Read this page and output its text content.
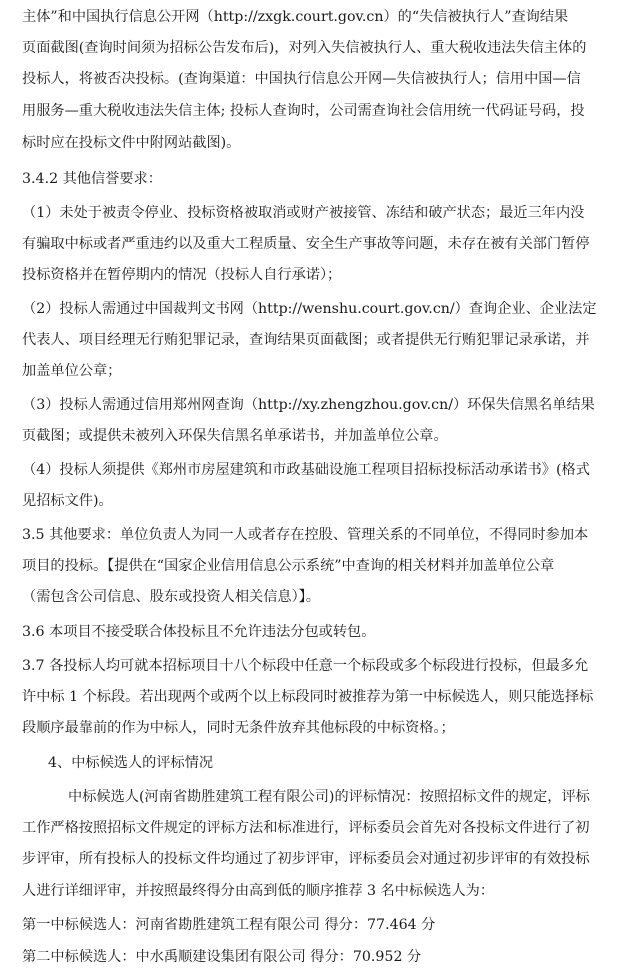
主体”和中国执行信息公开网（http://zxgk.court.gov.cn）的“失信被执行人”查询结果
页面截图(查询时间须为招标公告发布后)，对列入失信被执行人、重大税收违法失信主体的
投标人，将被否决投标。(查询渠道：中国执行信息公开网—失信被执行人；信用中国—信
用服务—重大税收违法失信主体; 投标人查询时，公司需查询社会信用统一代码证号码，投
标时应在投标文件中附网站截图)。
3.4.2 其他信誉要求：
（1）未处于被责令停业、投标资格被取消或财产被接管、冻结和破产状态；最近三年内没
有骗取中标或者严重违约以及重大工程质量、安全生产事故等问题，未存在被有关部门暂停
投标资格并在暂停期内的情况（投标人自行承诺）；
（2）投标人需通过中国裁判文书网（http://wenshu.court.gov.cn/）查询企业、企业法定
代表人、项目经理无行贿犯罪记录，查询结果页面截图；或者提供无行贿犯罪记录承诺，并
加盖单位公章；
（3）投标人需通过信用郑州网查询（http://xy.zhengzhou.gov.cn/）环保失信黑名单结果
页截图；或提供未被列入环保失信黑名单承诺书，并加盖单位公章。
（4）投标人须提供《郑州市房屋建筑和市政基础设施工程项目招标投标活动承诺书》(格式
见招标文件)。
3.5 其他要求：单位负责人为同一人或者存在控股、管理关系的不同单位，不得同时参加本
项目的投标。【提供在“国家企业信用信息公示系统”中查询的相关材料并加盖单位公章
（需包含公司信息、股东或投资人相关信息）】。
3.6 本项目不接受联合体投标且不允许违法分包或转包。
3.7 各投标人均可就本招标项目十八个标段中任意一个标段或多个标段进行投标，但最多允
许中标 1 个标段。若出现两个或两个以上标段同时被推荐为第一中标候选人，则只能选择标
段顺序最靠前的作为中标人，同时无条件放弃其他标段的中标资格。；
4、中标候选人的评标情况
中标候选人(河南省勘胜建筑工程有限公司)的评标情况：按照招标文件的规定，评标
工作严格按照招标文件规定的评标方法和标准进行，评标委员会首先对各投标文件进行了初
步评审，所有投标人的投标文件均通过了初步评审，评标委员会对通过初步评审的有效投标
人进行详细评审，并按照最终得分由高到低的顺序推荐 3 名中标候选人为：
第一中标候选人：河南省勘胜建筑工程有限公司 得分：77.464 分
第二中标候选人：中水禹顺建设集团有限公司 得分：70.952 分
